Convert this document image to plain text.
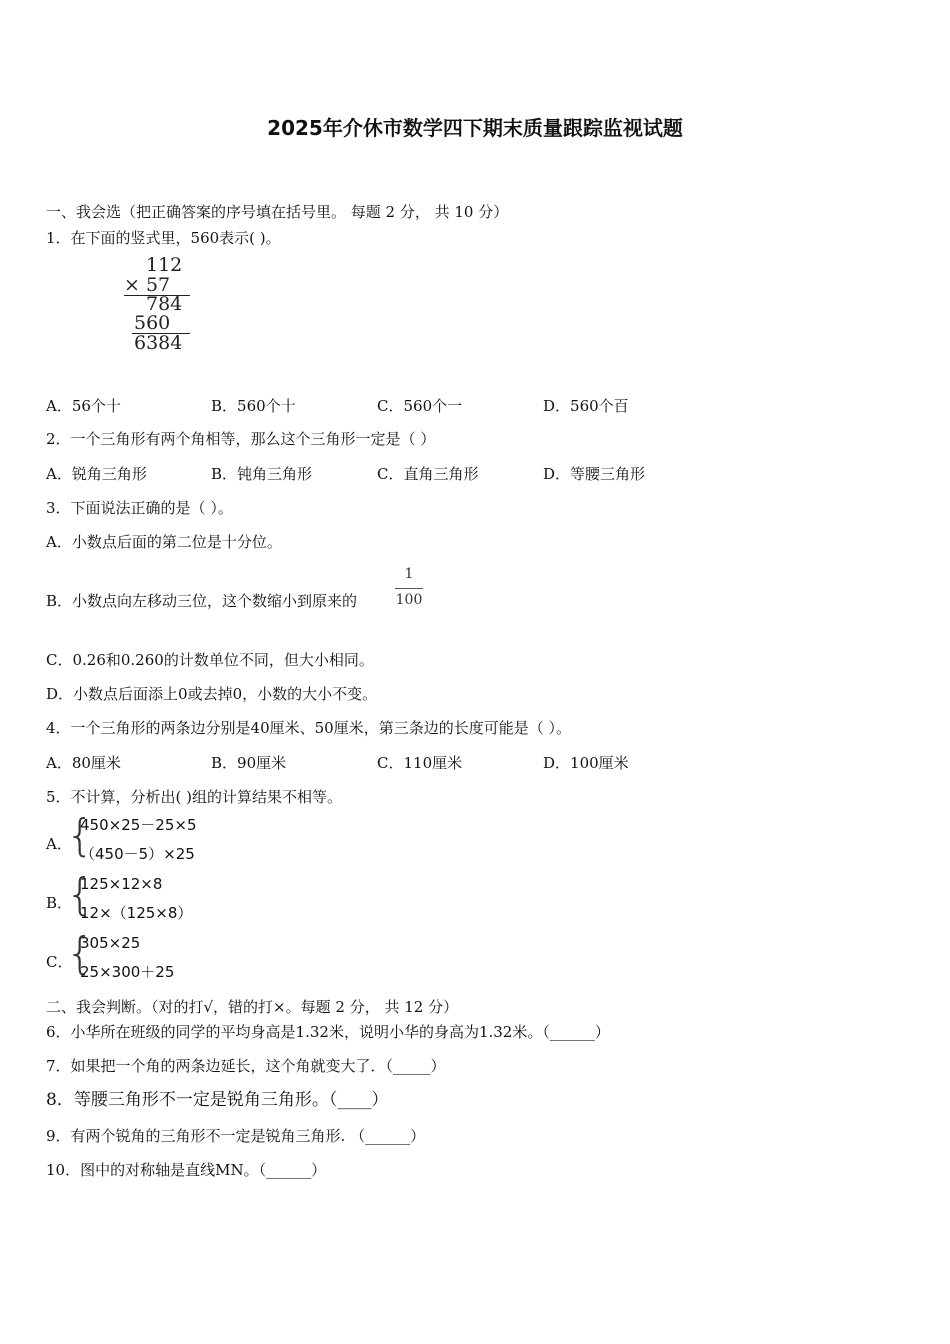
2025年介休市数学四下期末质量跟踪监视试题
一、我会选（把正确答案的序号填在括号里。 每题 2 分， 共 10 分）
1．在下面的竖式里，560表示( )。
112
× 57
784
560
6384
A．56个十	B．560个十	C．560个一	D．560个百
2．一个三角形有两个角相等，那么这个三角形一定是（ ）
A．锐角三角形	B．钝角三角形	C．直角三角形	D．等腰三角形
3．下面说法正确的是（ ）。
A．小数点后面的第二位是十分位。
B．小数点向左移动三位，这个数缩小到原来的
1
100
C．0.26和0.260的计数单位不同，但大小相同。
D．小数点后面添上0或去掉0，小数的大小不变。
4．一个三角形的两条边分别是40厘米、50厘米，第三条边的长度可能是（ ）。
A．80厘米	B．90厘米	C．110厘米	D．100厘米
5．不计算，分析出( )组的计算结果不相等。
A．
{
450×25－25×5
（450－5）×25
B．
{
125×12×8
12×（125×8）
C．
{
305×25
25×300＋25
二、我会判断。（对的打√，错的打×。每题 2 分， 共 12 分）
6．小华所在班级的同学的平均身高是1.32米，说明小华的身高为1.32米。（______）
7．如果把一个角的两条边延长，这个角就变大了．（_____）
8．等腰三角形不一定是锐角三角形。（____）
9．有两个锐角的三角形不一定是锐角三角形. （______）
10．图中的对称轴是直线MN。（______）
